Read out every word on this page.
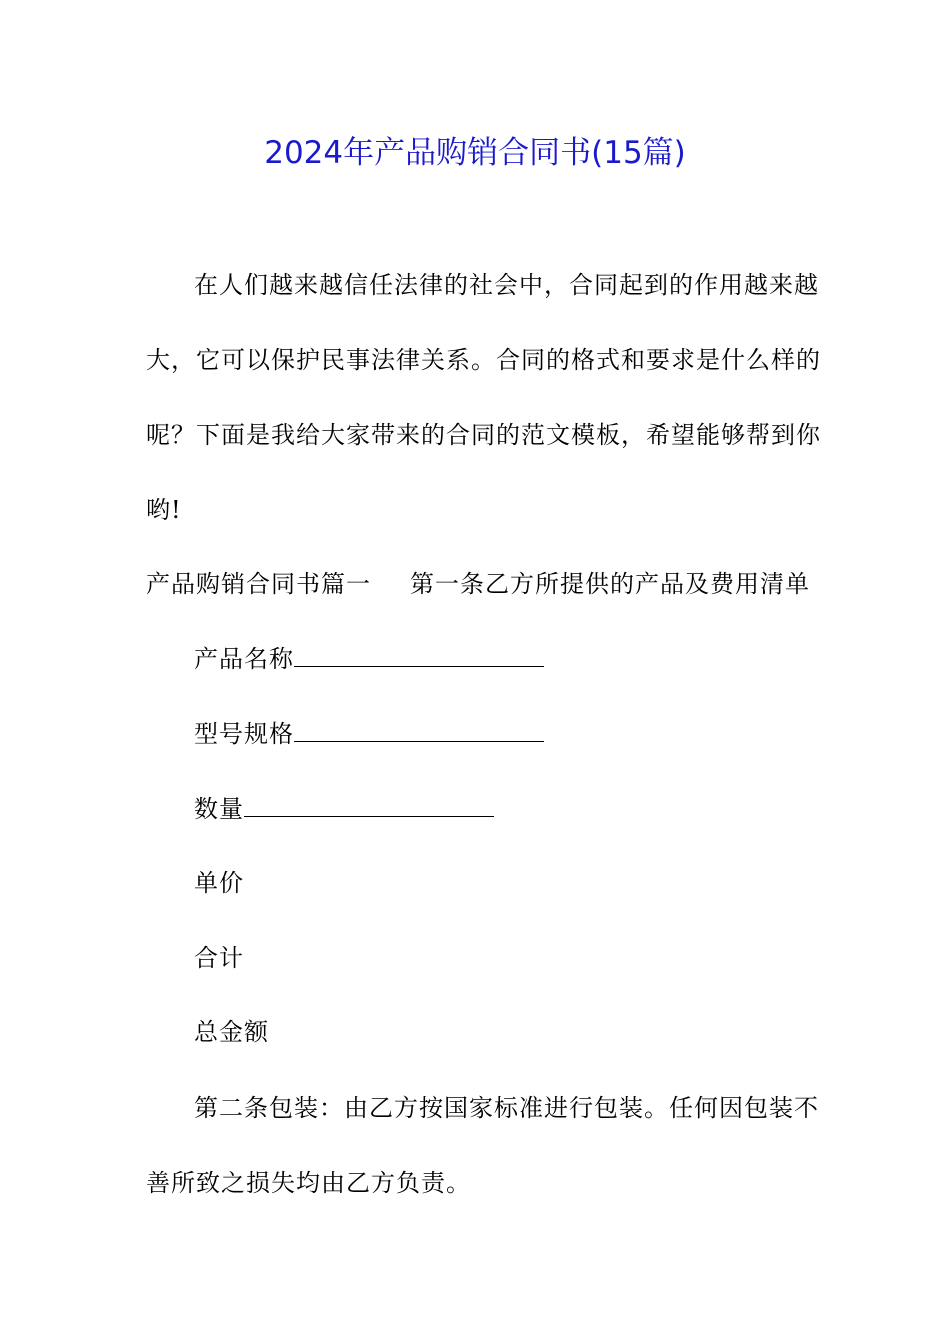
2024年产品购销合同书(15篇)
在人们越来越信任法律的社会中，合同起到的作用越来越
大，它可以保护民事法律关系。合同的格式和要求是什么样的
呢？下面是我给大家带来的合同的范文模板，希望能够帮到你
哟!
产品购销合同书篇一 第一条乙方所提供的产品及费用清单
产品名称
型号规格
数量
单价
合计
总金额
第二条包装：由乙方按国家标准进行包装。任何因包装不
善所致之损失均由乙方负责。
